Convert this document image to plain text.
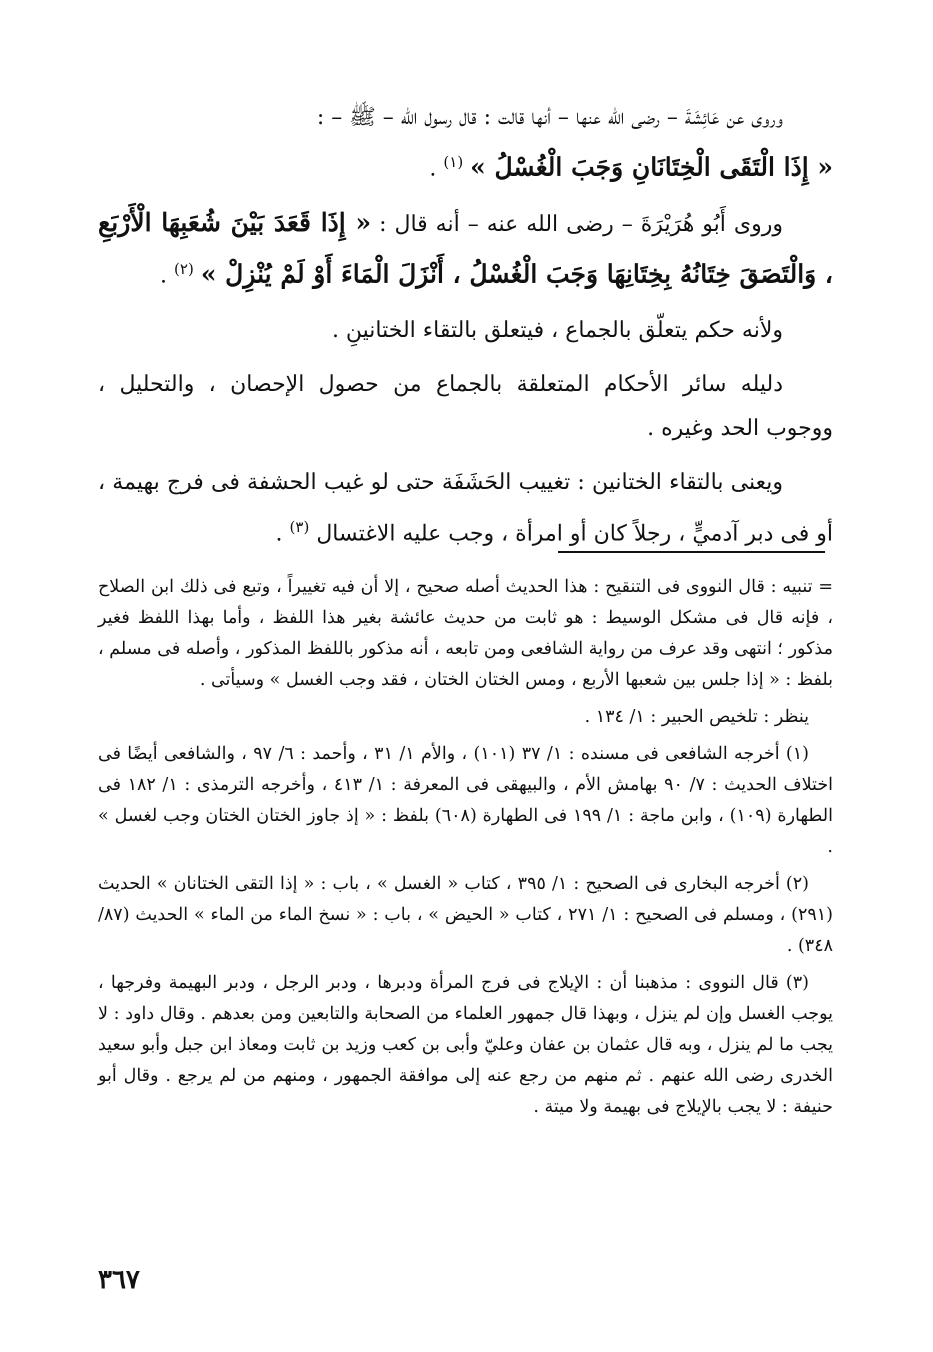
وروى عن عَائِشَةَ – رضى الله عنها – أنها قالت : قال رسول الله – ﷺ – :
« إِذَا الْتَقَى الْخِتَانَانِ وَجَبَ الْغُسْلُ » $^{(١)}$ .

وروى أَبُو هُرَيْرَةَ – رضى الله عنه – أنه قال : « إِذَا قَعَدَ بَيْنَ شُعَبِهَا الْأَرْبَعِ ، وَالْتَصَقَ خِتَانُهُ بِخِتَانِهَا وَجَبَ الْغُسْلُ ، أَنْزَلَ الْمَاءَ أَوْ لَمْ يُنْزِلْ » $^{(٢)}$ .

ولأنه حكم يتعلّق بالجماع ، فيتعلق بالتقاء الختانينِ .

دليله سائر الأحكام المتعلقة بالجماع من حصول الإحصان ، والتحليل ، ووجوب الحد وغيره .

ويعنى بالتقاء الختانين : تغييب الحَشَفَة حتى لو غيب الحشفة فى فرج بهيمة ، أو فى دبر آدميٍّ ، رجلاً كان أو امرأة ، وجب عليه الاغتسال $^{(٣)}$ .

= تنبيه : قال النووى فى التنقيح : هذا الحديث أصله صحيح ، إلا أن فيه تغييراً ، وتبع فى ذلك ابن الصلاح ، فإنه قال فى مشكل الوسيط : هو ثابت من حديث عائشة بغير هذا اللفظ ، وأما بهذا اللفظ فغير مذكور ؛ انتهى وقد عرف من رواية الشافعى ومن تابعه ، أنه مذكور باللفظ المذكور ، وأصله فى مسلم ، بلفظ : « إذا جلس بين شعبها الأربع ، ومس الختان الختان ، فقد وجب الغسل » وسيأتى .

ينظر : تلخيص الحبير : ١/ ١٣٤ .

(١) أخرجه الشافعى فى مسنده : ١/ ٣٧ (١٠١) ، والأم ١/ ٣١ ، وأحمد : ٦/ ٩٧ ، والشافعى أيضًا فى اختلاف الحديث : ٧/ ٩٠ بهامش الأم ، والبيهقى فى المعرفة : ١/ ٤١٣ ، وأخرجه الترمذى : ١/ ١٨٢ فى الطهارة (١٠٩) ، وابن ماجة : ١/ ١٩٩ فى الطهارة (٦٠٨) بلفظ : « إذ جاوز الختان الختان وجب لغسل » .

(٢) أخرجه البخارى فى الصحيح : ١/ ٣٩٥ ، كتاب « الغسل » ، باب : « إذا التقى الختانان » الحديث (٢٩١) ، ومسلم فى الصحيح : ١/ ٢٧١ ، كتاب « الحيض » ، باب : « نسخ الماء من الماء » الحديث (٨٧/ ٣٤٨) .

(٣) قال النووى : مذهبنا أن : الإيلاج فى فرج المرأة ودبرها ، ودبر الرجل ، ودبر البهيمة وفرجها ، يوجب الغسل وإن لم ينزل ، وبهذا قال جمهور العلماء من الصحابة والتابعين ومن بعدهم . وقال داود : لا يجب ما لم ينزل ، وبه قال عثمان بن عفان وعليّ وأبى بن كعب وزيد بن ثابت ومعاذ ابن جبل وأبو سعيد الخدرى رضى الله عنهم . ثم منهم من رجع عنه إلى موافقة الجمهور ، ومنهم من لم يرجع . وقال أبو حنيفة : لا يجب بالإيلاج فى بهيمة ولا ميتة .

٣٦٧
